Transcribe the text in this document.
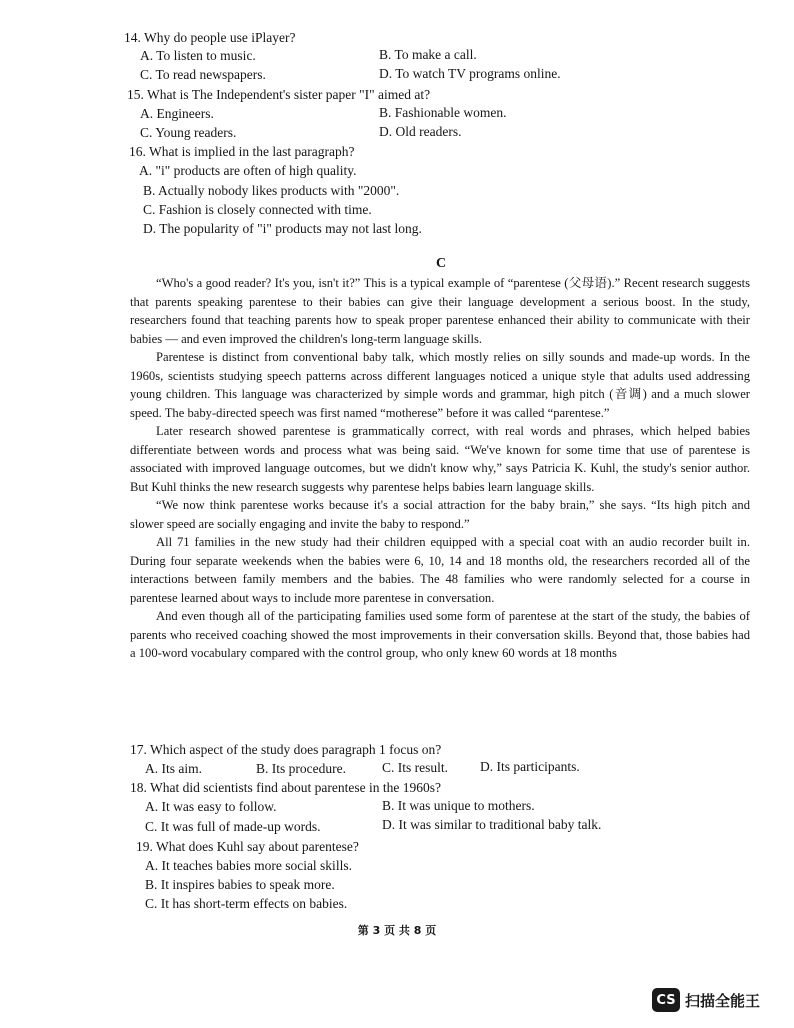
14. Why do people use iPlayer?
A. To listen to music.	B. To make a call.
C. To read newspapers.	D. To watch TV programs online.
15. What is The Independent's sister paper "I" aimed at?
A. Engineers.	B. Fashionable women.
C. Young readers.	D. Old readers.
16. What is implied in the last paragraph?
A. "i" products are often of high quality.
B. Actually nobody likes products with "2000".
C. Fashion is closely connected with time.
D. The popularity of "i" products may not last long.
C

“Who's a good reader? It's you, isn't it?” This is a typical example of “parentese (父母语).” Recent research suggests that parents speaking parentese to their babies can give their language development a serious boost. In the study, researchers found that teaching parents how to speak proper parentese enhanced their ability to communicate with their babies — and even improved the children's long-term language skills.

Parentese is distinct from conventional baby talk, which mostly relies on silly sounds and made-up words. In the 1960s, scientists studying speech patterns across different languages noticed a unique style that adults used addressing young children. This language was characterized by simple words and grammar, high pitch (音调) and a much slower speed. The baby-directed speech was first named “motherese” before it was called “parentese.”

Later research showed parentese is grammatically correct, with real words and phrases, which helped babies differentiate between words and process what was being said. “We've known for some time that use of parentese is associated with improved language outcomes, but we didn't know why,” says Patricia K. Kuhl, the study's senior author. But Kuhl thinks the new research suggests why parentese helps babies learn language skills.

“We now think parentese works because it's a social attraction for the baby brain,” she says. “Its high pitch and slower speed are socially engaging and invite the baby to respond.”

All 71 families in the new study had their children equipped with a special coat with an audio recorder built in. During four separate weekends when the babies were 6, 10, 14 and 18 months old, the researchers recorded all of the interactions between family members and the babies. The 48 families who were randomly selected for a course in parentese learned about ways to include more parentese in conversation.

And even though all of the participating families used some form of parentese at the start of the study, the babies of parents who received coaching showed the most improvements in their conversation skills. Beyond that, those babies had a 100-word vocabulary compared with the control group, who only knew 60 words at 18 months

17. Which aspect of the study does paragraph 1 focus on?
A. Its aim.	B. Its procedure.	C. Its result. D. Its participants.
18. What did scientists find about parentese in the 1960s?
A. It was easy to follow.	B. It was unique to mothers.
C. It was full of made-up words.	D. It was similar to traditional baby talk.
19. What does Kuhl say about parentese?
A. It teaches babies more social skills.
B. It inspires babies to speak more.
C. It has short-term effects on babies.
第 3 页 共 8 页
CS 扫描全能王
